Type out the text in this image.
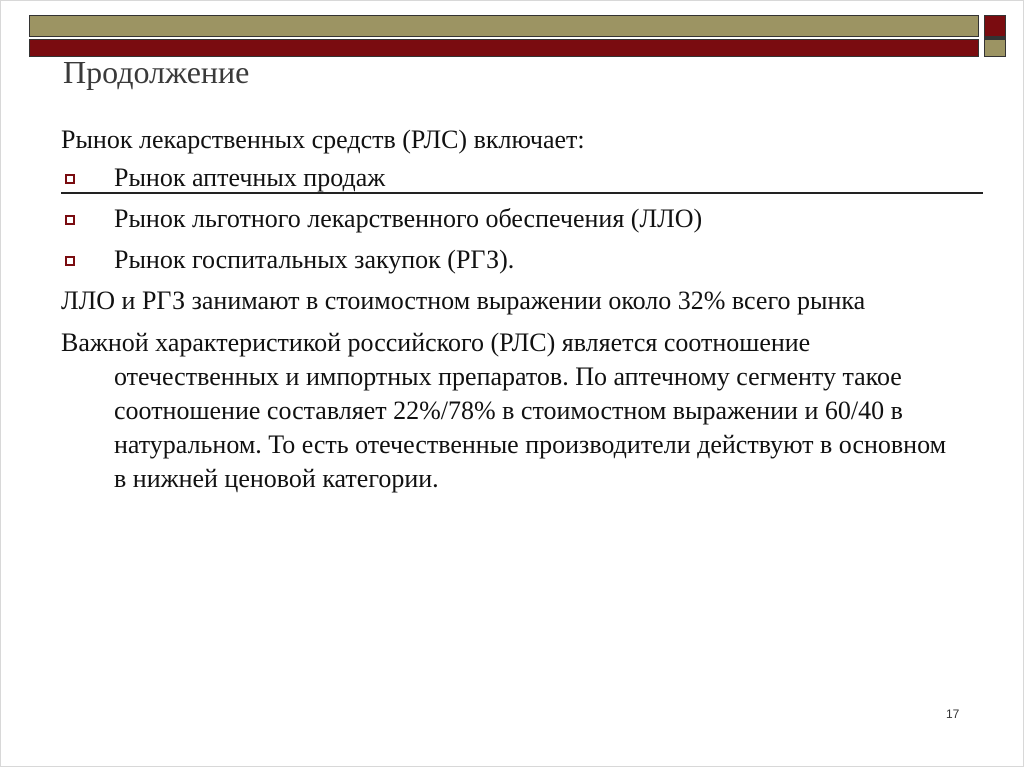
Продолжение

Рынок лекарственных средств (РЛС) включает:

Рынок аптечных продаж
Рынок льготного лекарственного обеспечения (ЛЛО)
Рынок госпитальных закупок (РГЗ).

ЛЛО и РГЗ занимают в стоимостном выражении около 32% всего рынка

Важной характеристикой российского (РЛС) является соотношение отечественных и импортных препаратов. По аптечному сегменту такое соотношение составляет 22%/78% в стоимостном выражении и 60/40 в натуральном. То есть отечественные производители действуют в основном в нижней ценовой категории.

17
